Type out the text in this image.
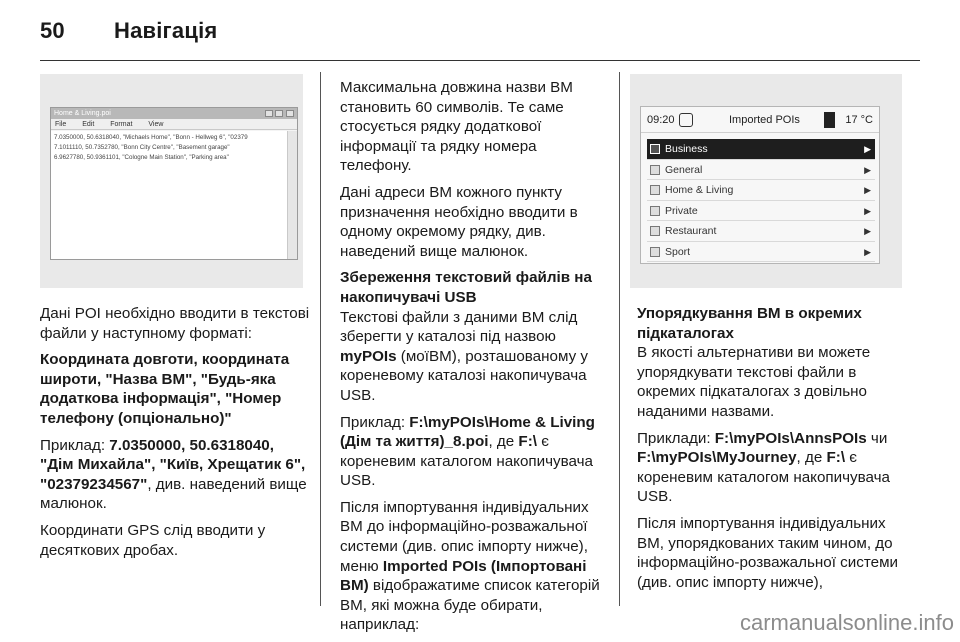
50 Навігація
Home & Living.poi
File Edit Format View
7.0350000, 50.6318040, "Michaels Home", "Bonn - Hellweg 6", "02379
7.1011110, 50.7352780, "Bonn City Centre", "Basement garage"
6.9627780, 50.9361101, "Cologne Main Station", "Parking area"

Дані POI необхідно вводити в текстові файли у наступному форматі:

Координата довготи, координата широти, "Назва ВМ", "Будь-яка додаткова інформація", "Номер телефону (опціонально)"

Приклад: 7.0350000, 50.6318040, "Дім Михайла", "Київ, Хрещатик 6", "02379234567", див. наведений вище малюнок.

Координати GPS слід вводити у десяткових дробах.

Максимальна довжина назви ВМ становить 60 символів. Те саме стосується рядку додаткової інформації та рядку номера телефону.

Дані адреси ВМ кожного пункту призначення необхідно вводити в одному окремому рядку, див. наведений вище малюнок.

Збереження текстовий файлів на накопичувачі USB

Текстові файли з даними ВМ слід зберегти у каталозі під назвою myPOIs (моїВМ), розташованому у кореневому каталозі накопичувача USB.

Приклад: F:\myPOIs\Home & Living (Дім та життя)_8.poi, де F:\ є кореневим каталогом накопичувача USB.

Після імпортування індивідуальних ВМ до інформаційно-розважальної системи (див. опис імпорту нижче), меню Imported POIs (Імпортовані ВМ) відображатиме список категорій ВМ, які можна буде обирати, наприклад:

09:20	Imported POIs	17 °C
Business	▶
General	▶
Home & Living	▶
Private	▶
Restaurant	▶
Sport	▶

Упорядкування ВМ в окремих підкаталогах

В якості альтернативи ви можете упорядкувати текстові файли в окремих підкаталогах з довільно наданими назвами.

Приклади: F:\myPOIs\AnnsPOIs чи F:\myPOIs\MyJourney, де F:\ є кореневим каталогом накопичувача USB.

Після імпортування індивідуальних ВМ, упорядкованих таким чином, до інформаційно-розважальної системи (див. опис імпорту нижче),

carmanualsonline.info
